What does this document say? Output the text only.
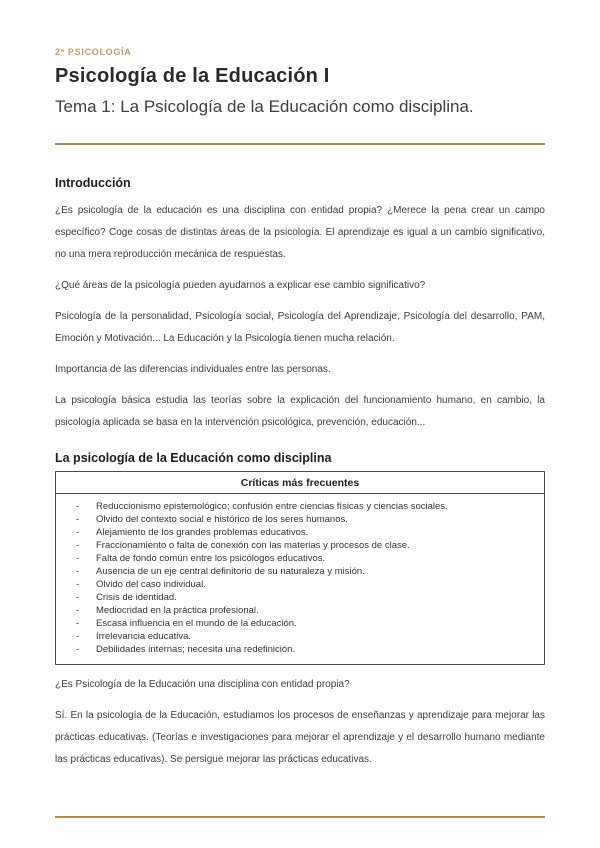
2ª PSICOLOGÍA
Psicología de la Educación I
Tema 1: La Psicología de la Educación como disciplina.
Introducción

¿Es psicología de la educación es una disciplina con entidad propia? ¿Merece la pena crear un campo específico? Coge cosas de distintas áreas de la psicología. El aprendizaje es igual a un cambio significativo, no una mera reproducción mecánica de respuestas.

¿Qué áreas de la psicología pueden ayudarnos a explicar ese cambio significativo?

Psicología de la personalidad, Psicología social, Psicología del Aprendizaje, Psicología del desarrollo, PAM, Emoción y Motivación... La Educación y la Psicología tienen mucha relación.

Importancia de las diferencias individuales entre las personas.

La psicología básica estudia las teorías sobre la explicación del funcionamiento humano, en cambio, la psicología aplicada se basa en la intervención psicológica, prevención, educación...

La psicología de la Educación como disciplina
Críticas más frecuentes
-	Reduccionismo epistemológico; confusión entre ciencias físicas y ciencias sociales.
-	Olvido del contexto social e histórico de los seres humanos.
-	Alejamiento de los grandes problemas educativos.
-	Fraccionamiento o falta de conexión con las materias y procesos de clase.
-	Falta de fondo común entre los psicólogos educativos.
-	Ausencia de un eje central definitorio de su naturaleza y misión.
-	Olvido del caso individual.
-	Crisis de identidad.
-	Mediocridad en la práctica profesional.
-	Escasa influencia en el mundo de la educación.
-	Irrelevancia educativa.
-	Debilidades internas; necesita una redefinición.

¿Es Psicología de la Educación una disciplina con entidad propia?

Sí. En la psicología de la Educación, estudiamos los procesos de enseñanzas y aprendizaje para mejorar las prácticas educativas. (Teorías e investigaciones para mejorar el aprendizaje y el desarrollo humano mediante las prácticas educativas). Se persigue mejorar las prácticas educativas.
